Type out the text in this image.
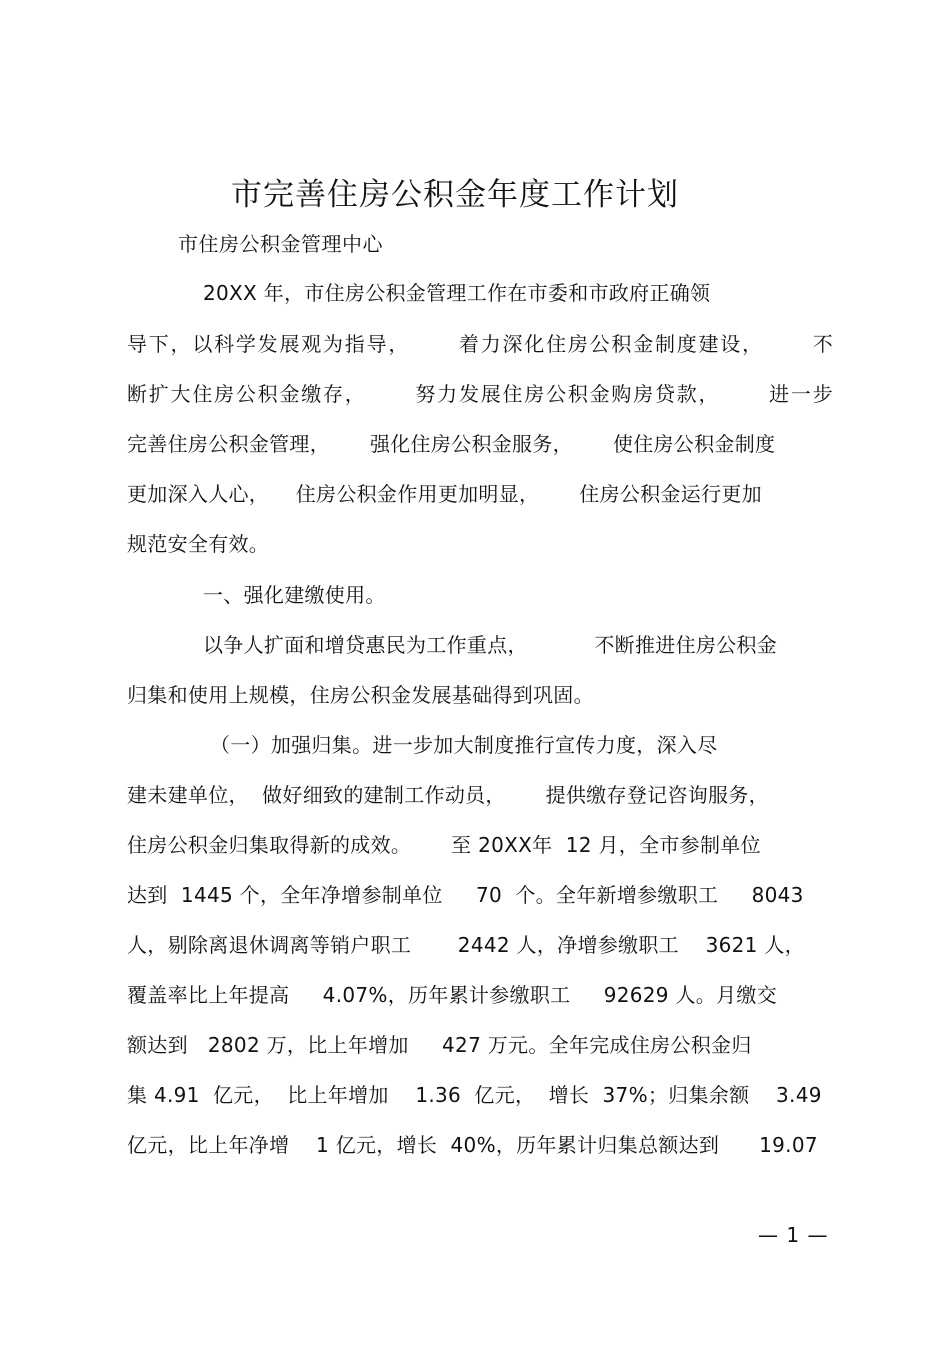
市完善住房公积金年度工作计划
市住房公积金管理中心
20XX 年，市住房公积金管理工作在市委和市政府正确领
导下，以科学发展观为指导，      着力深化住房公积金制度建设，      不
断扩大住房公积金缴存，      努力发展住房公积金购房贷款，      进一步
完善住房公积金管理，      强化住房公积金服务，      使住房公积金制度
更加深入人心，    住房公积金作用更加明显，      住房公积金运行更加
规范安全有效。
一、强化建缴使用。
以争人扩面和增贷惠民为工作重点，          不断推进住房公积金
归集和使用上规模，住房公积金发展基础得到巩固。
（一）加强归集。进一步加大制度推行宣传力度，深入尽
建未建单位，  做好细致的建制工作动员，      提供缴存登记咨询服务，
住房公积金归集取得新的成效。      至 20XX年  12 月，全市参制单位
达到  1445 个，全年净增参制单位     70  个。全年新增参缴职工     8043
人，剔除离退休调离等销户职工       2442 人，净增参缴职工    3621 人，
覆盖率比上年提高     4.07%，历年累计参缴职工     92629 人。月缴交
额达到   2802 万，比上年增加     427 万元。全年完成住房公积金归
集 4.91  亿元，  比上年增加    1.36  亿元，  增长  37%；归集余额    3.49
亿元，比上年净增    1 亿元，增长  40%，历年累计归集总额达到      19.07
— 1 —
